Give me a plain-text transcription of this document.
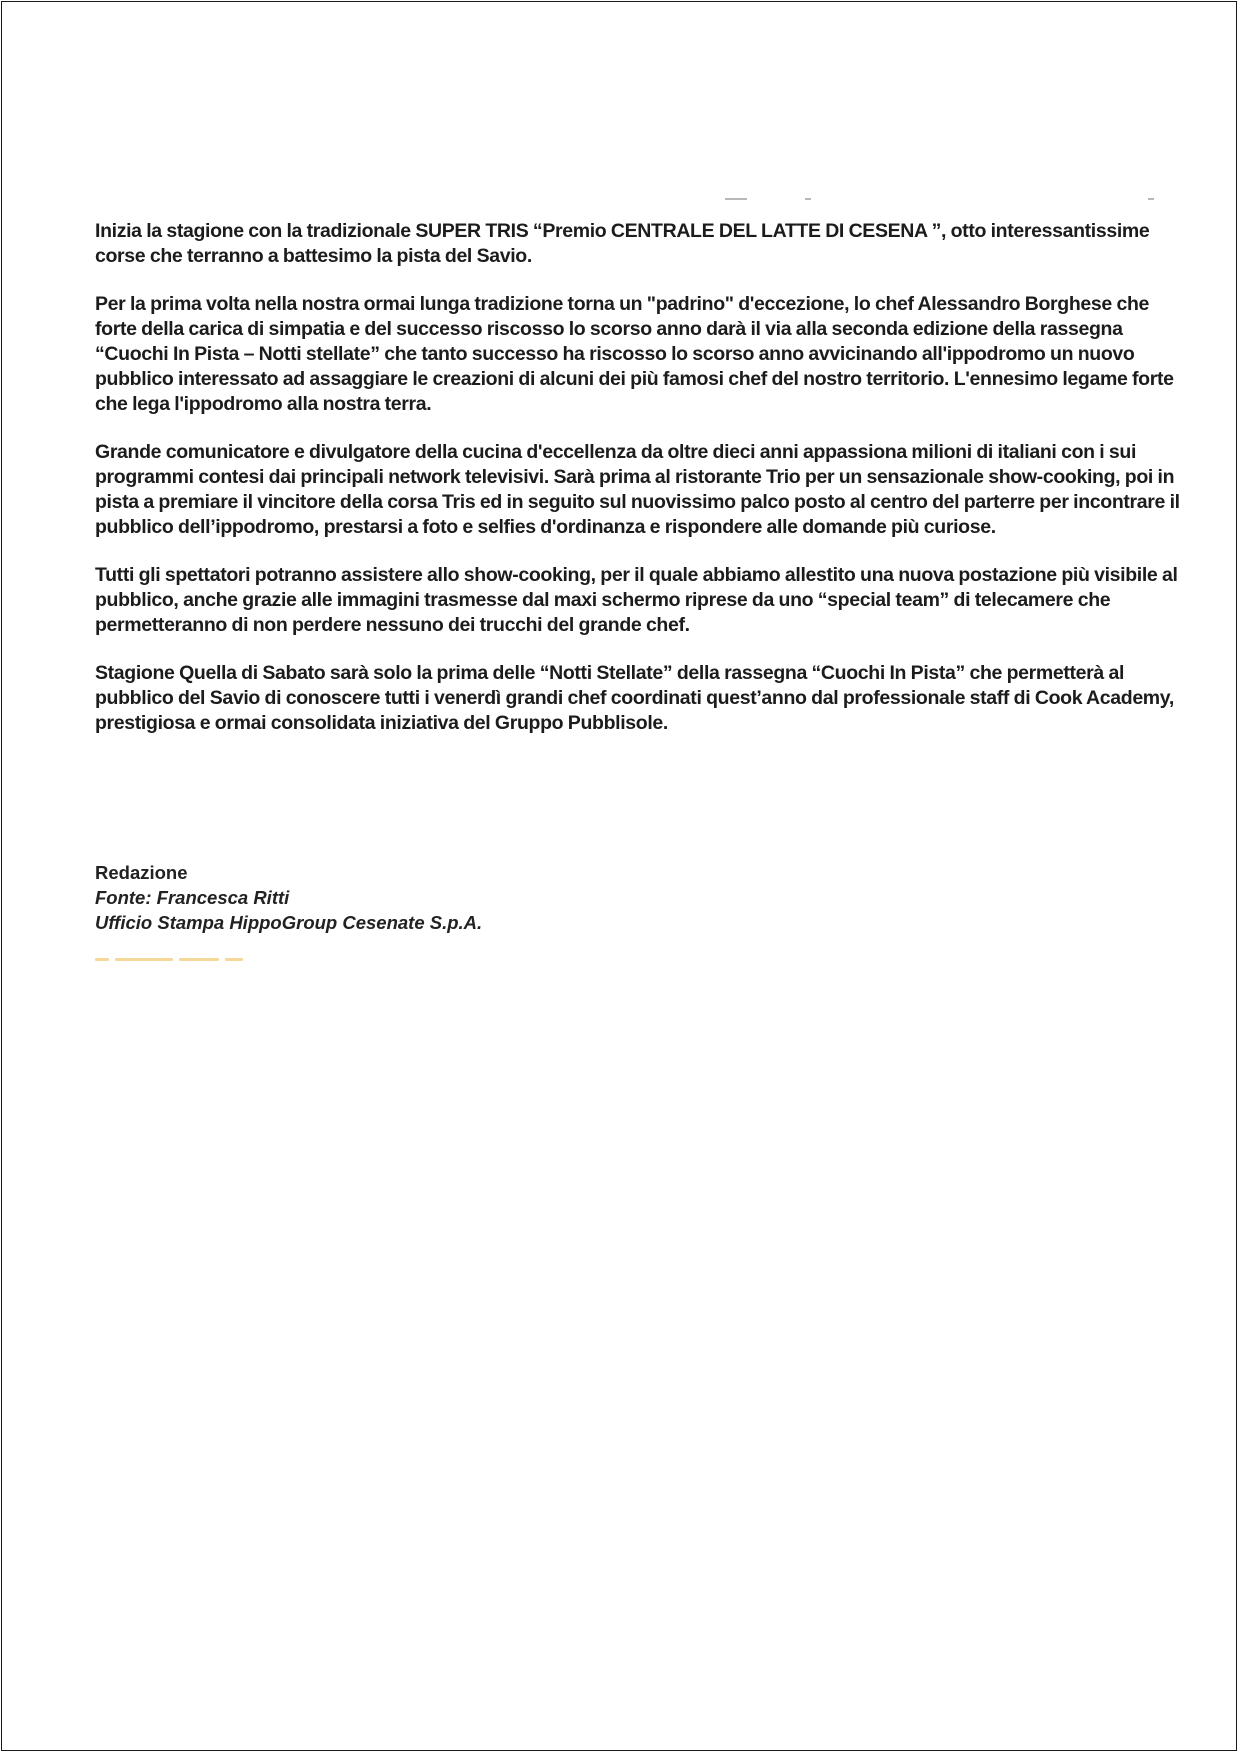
Inizia la stagione con la tradizionale SUPER TRIS “Premio CENTRALE DEL LATTE DI CESENA ”, otto interessantissime corse che terranno a battesimo la pista del Savio.

Per la prima volta nella nostra ormai lunga tradizione torna un "padrino" d'eccezione, lo chef Alessandro Borghese che forte della carica di simpatia e del successo riscosso lo scorso anno darà il via alla seconda edizione della rassegna “Cuochi In Pista – Notti stellate” che tanto successo ha riscosso lo scorso anno avvicinando all'ippodromo un nuovo pubblico interessato ad assaggiare le creazioni di alcuni dei più famosi chef del nostro territorio. L'ennesimo legame forte che lega l'ippodromo alla nostra terra.

Grande comunicatore e divulgatore della cucina d'eccellenza da oltre dieci anni appassiona milioni di italiani con i sui programmi contesi dai principali network televisivi. Sarà prima al ristorante Trio per un sensazionale show-cooking, poi in pista a premiare il vincitore della corsa Tris ed in seguito sul nuovissimo palco posto al centro del parterre per incontrare il pubblico dell’ippodromo, prestarsi a foto e selfies d'ordinanza e rispondere alle domande più curiose.

Tutti gli spettatori potranno assistere allo show-cooking, per il quale abbiamo allestito una nuova postazione più visibile al pubblico, anche grazie alle immagini trasmesse dal maxi schermo riprese da uno “special team” di telecamere che permetteranno di non perdere nessuno dei trucchi del grande chef.

Stagione Quella di Sabato sarà solo la prima delle “Notti Stellate” della rassegna “Cuochi In Pista” che permetterà al pubblico del Savio di conoscere tutti i venerdì grandi chef coordinati quest’anno dal professionale staff di Cook Academy, prestigiosa e ormai consolidata iniziativa del Gruppo Pubblisole.

Redazione
Fonte: Francesca Ritti
Ufficio Stampa HippoGroup Cesenate S.p.A.
